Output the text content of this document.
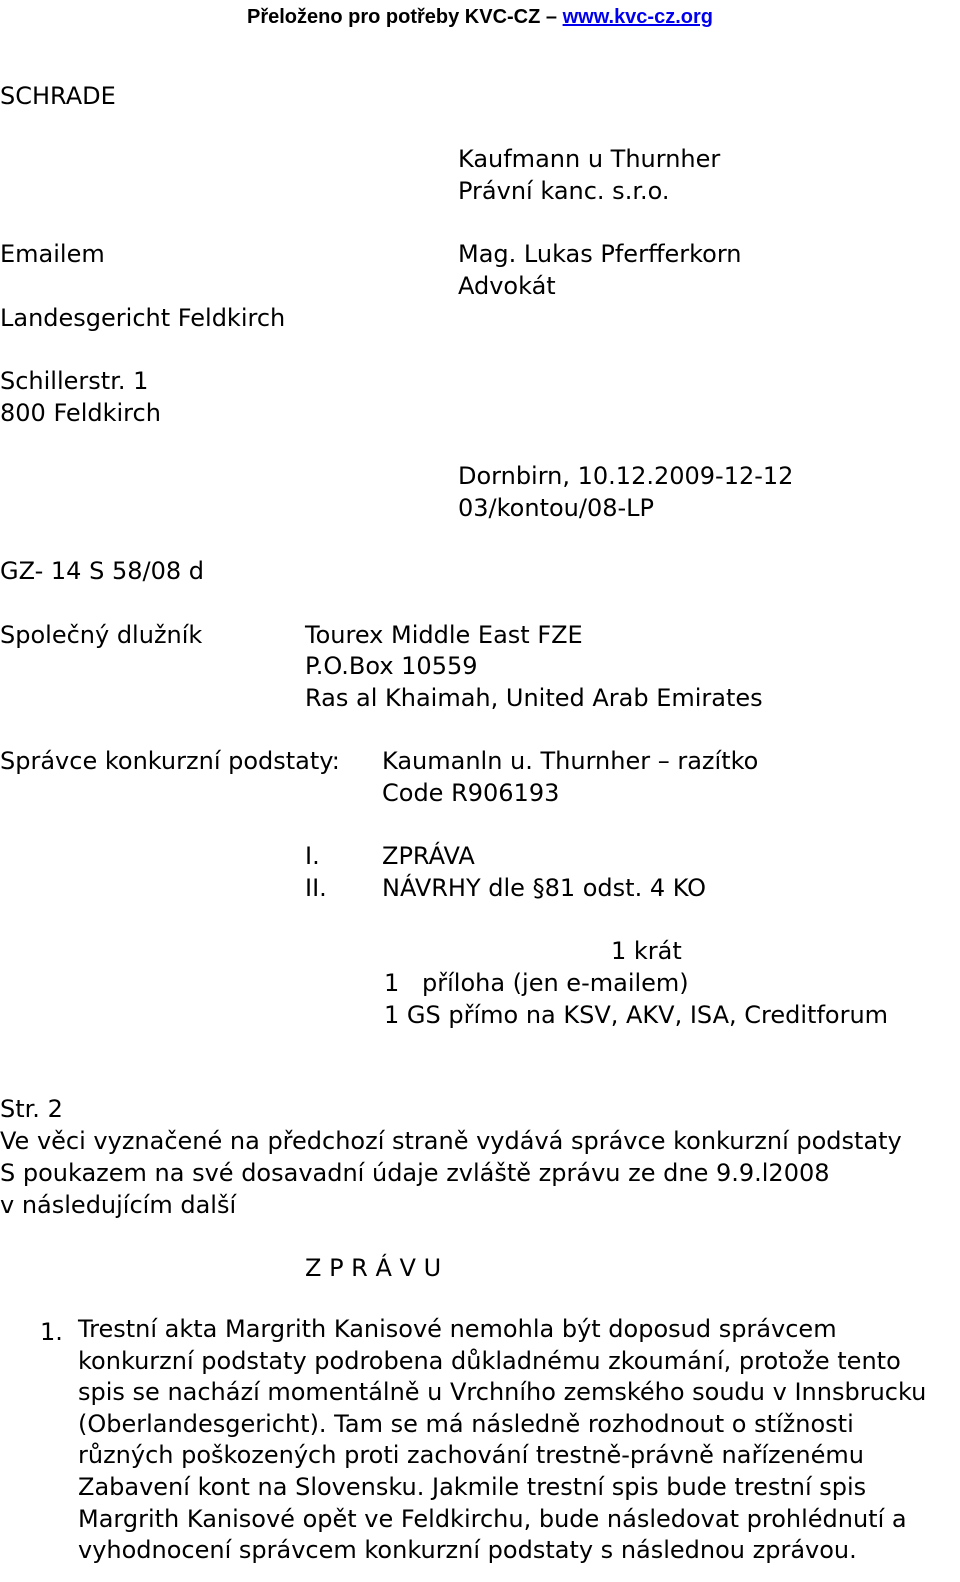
Přeloženo pro potřeby KVC-CZ – www.kvc-cz.org
SCHRADE
Kaufmann u Thurnher
Právní kanc. s.r.o.
Emailem	Mag. Lukas Pferfferkorn
Advokát
Landesgericht Feldkirch
Schillerstr. 1
800 Feldkirch
Dornbirn, 10.12.2009-12-12
03/kontou/08-LP
GZ- 14 S 58/08 d
Společný dlužník	Tourex Middle East FZE
P.O.Box 10559
Ras al Khaimah, United Arab Emirates
Správce konkurzní podstaty: Kaumanln u. Thurnher – razítko
Code R906193
I.	ZPRÁVA
II. NÁVRHY dle §81 odst. 4 KO
1 krát
1 příloha (jen e-mailem)
1 GS přímo na KSV, AKV, ISA, Creditforum
Str. 2
Ve věci vyznačené na předchozí straně vydává správce konkurzní podstaty
S poukazem na své dosavadní údaje zvláště zprávu ze dne 9.9.l2008
v následujícím další
Z P R Á V U
1. Trestní akta Margrith Kanisové nemohla být doposud správcem
konkurzní podstaty podrobena důkladnému zkoumání, protože tento
spis se nachází momentálně u Vrchního zemského soudu v Innsbrucku
(Oberlandesgericht). Tam se má následně rozhodnout o stížnosti
různých poškozených proti zachování trestně-právně nařízenému
Zabavení kont na Slovensku. Jakmile trestní spis bude trestní spis
Margrith Kanisové opět ve Feldkirchu, bude následovat prohlédnutí a
vyhodnocení správcem konkurzní podstaty s následnou zprávou.
